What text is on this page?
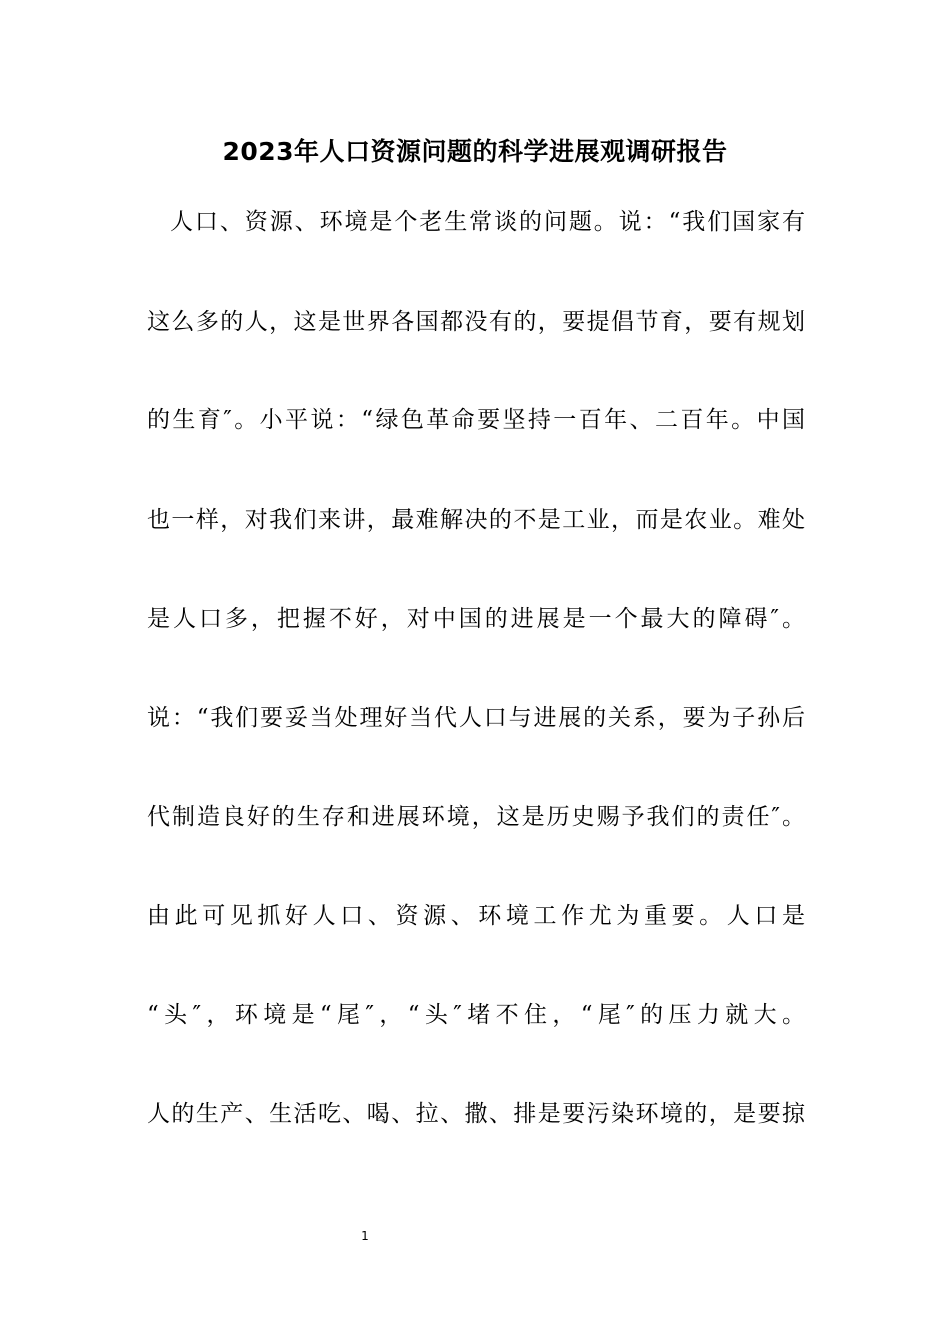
2023年人口资源问题的科学进展观调研报告
人口、资源、环境是个老生常谈的问题。说：“我们国家有
这么多的人，这是世界各国都没有的，要提倡节育，要有规划
的生育″。小平说：“绿色革命要坚持一百年、二百年。中国
也一样，对我们来讲，最难解决的不是工业，而是农业。难处
是人口多，把握不好，对中国的进展是一个最大的障碍″。
说：“我们要妥当处理好当代人口与进展的关系，要为子孙后
代制造良好的生存和进展环境，这是历史赐予我们的责任″。
由此可见抓好人口、资源、环境工作尤为重要。人口是
“头″，环境是“尾″，“头″堵不住，“尾″的压力就大。
人的生产、生活吃、喝、拉、撒、排是要污染环境的，是要掠
1
